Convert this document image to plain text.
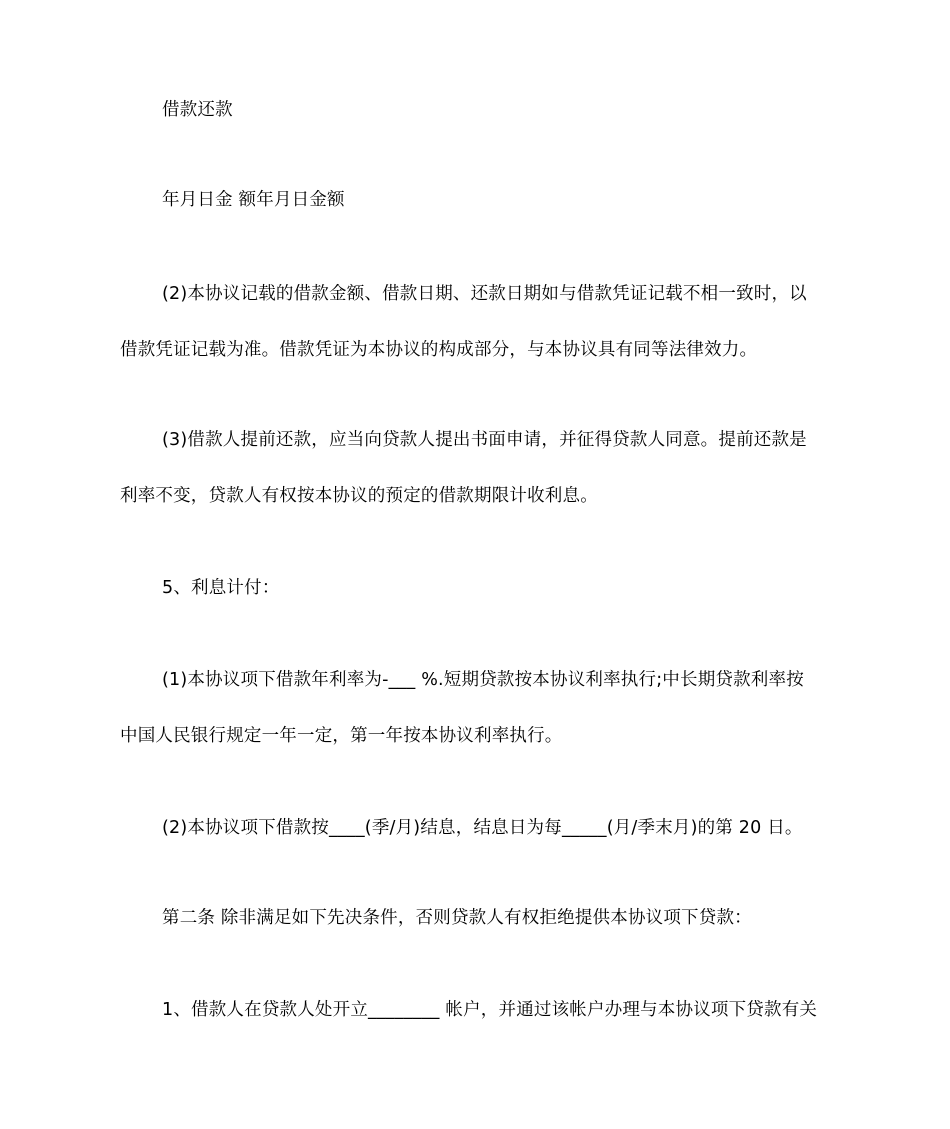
借款还款
年月日金 额年月日金额
(2)本协议记载的借款金额、借款日期、还款日期如与借款凭证记载不相一致时，以
借款凭证记载为准。借款凭证为本协议的构成部分，与本协议具有同等法律效力。
(3)借款人提前还款，应当向贷款人提出书面申请，并征得贷款人同意。提前还款是
利率不变，贷款人有权按本协议的预定的借款期限计收利息。
5、利息计付：
(1)本协议项下借款年利率为-___ %.短期贷款按本协议利率执行;中长期贷款利率按
中国人民银行规定一年一定，第一年按本协议利率执行。
(2)本协议项下借款按____(季/月)结息，结息日为每_____(月/季末月)的第 20 日。
第二条 除非满足如下先决条件，否则贷款人有权拒绝提供本协议项下贷款：
1、借款人在贷款人处开立________ 帐户，并通过该帐户办理与本协议项下贷款有关
